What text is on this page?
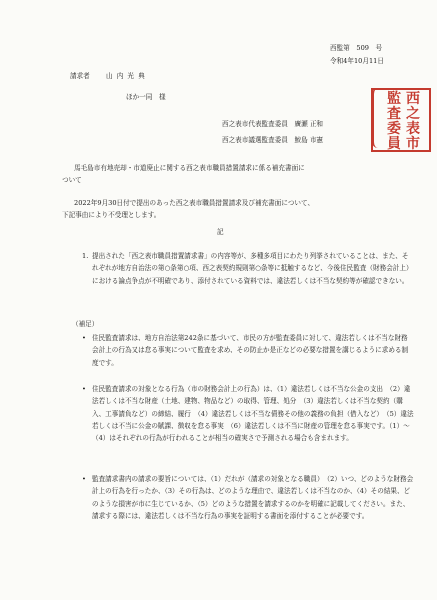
西監第　509　号
令和4年10月11日
請求者 山 内 光 典
ほか一同　様
西之表市代表監査委員　廣瀬 正和
西之表市議選監査委員　鮫島 市憲
西
監
之
査
表
委
市
員
馬毛島市有地売却・市道廃止に関する西之表市職員措置請求に係る補充書面に
ついて
2022年9月30日付で提出のあった西之表市職員措置請求及び補充書面について、
下記事由により不受理とします。
記
1. 提出された「西之表市職員措置請求書」の内容等が、多種多項目にわたり列挙されていることは、また、それぞれが地方自治法の第○条第○項、西之表契約規則第○条等に抵触するなど、今後住民監査（財務会計上）における論点争点が不明確であり、添付されている資料では、違法若しくは不当な契約等が確認できない。
（補足）
• 住民監査請求は、地方自治法第242条に基づいて、市民の方が監査委員に対して、違法若しくは不当な財務会計上の行為又は怠る事実について監査を求め、その防止か是正などの必要な措置を講じるように求める制度です。
• 住民監査請求の対象となる行為（市の財務会計上の行為）は、（1）違法若しくは不当な公金の支出　（2）違法若しくは不当な財産（土地、建物、物品など）の取得、管理、処分　（3）違法若しくは不当な契約（購入、工事請負など）の締結、履行　（4）違法若しくは不当な債務その他の義務の負担（借入など）　（5）違法若しくは不当に公金の賦課、徴収を怠る事実　（6）違法若しくは不当に財産の管理を怠る事実です。（1）～（4）はそれぞれの行為が行われることが相当の確実さで予測される場合も含まれます。
• 監査請求書内の請求の要旨については、（1）だれが（請求の対象となる職員）　（2）いつ、どのような財務会計上の行為を行ったか、（3）その行為は、どのような理由で、違法若しくは不当なのか、（4）その結果、どのような損害が市に生じているか、（5）どのような措置を請求するのかを明確に記載してください。また、請求する際には、違法若しくは不当な行為の事実を証明する書面を添付することが必要です。
